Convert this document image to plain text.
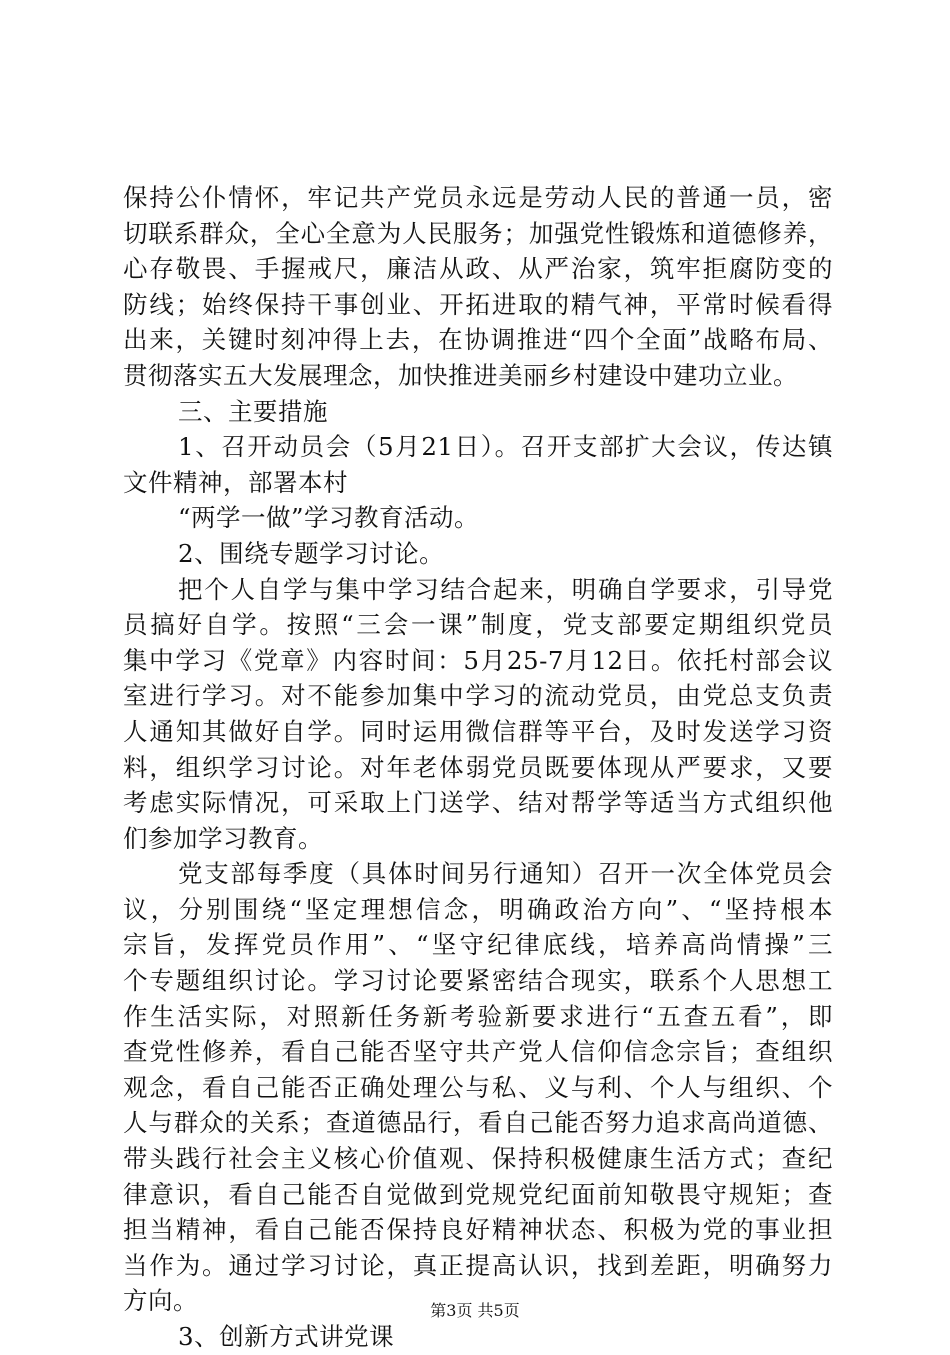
保持公仆情怀，牢记共产党员永远是劳动人民的普通一员，密
切联系群众，全心全意为人民服务；加强党性锻炼和道德修养，
心存敬畏、手握戒尺，廉洁从政、从严治家，筑牢拒腐防变的
防线；始终保持干事创业、开拓进取的精气神，平常时候看得
出来，关键时刻冲得上去，在协调推进“四个全面”战略布局、
贯彻落实五大发展理念，加快推进美丽乡村建设中建功立业。
三、主要措施
1、召开动员会（5月21日）。召开支部扩大会议，传达镇
文件精神，部署本村
“两学一做”学习教育活动。
2、围绕专题学习讨论。
把个人自学与集中学习结合起来，明确自学要求，引导党
员搞好自学。按照“三会一课”制度，党支部要定期组织党员
集中学习《党章》内容时间：5月25-7月12日。依托村部会议
室进行学习。对不能参加集中学习的流动党员，由党总支负责
人通知其做好自学。同时运用微信群等平台，及时发送学习资
料，组织学习讨论。对年老体弱党员既要体现从严要求，又要
考虑实际情况，可采取上门送学、结对帮学等适当方式组织他
们参加学习教育。
党支部每季度（具体时间另行通知）召开一次全体党员会
议，分别围绕“坚定理想信念，明确政治方向”、“坚持根本
宗旨，发挥党员作用”、“坚守纪律底线，培养高尚情操”三
个专题组织讨论。学习讨论要紧密结合现实，联系个人思想工
作生活实际，对照新任务新考验新要求进行“五查五看”，即
查党性修养，看自己能否坚守共产党人信仰信念宗旨；查组织
观念，看自己能否正确处理公与私、义与利、个人与组织、个
人与群众的关系；查道德品行，看自己能否努力追求高尚道德、
带头践行社会主义核心价值观、保持积极健康生活方式；查纪
律意识，看自己能否自觉做到党规党纪面前知敬畏守规矩；查
担当精神，看自己能否保持良好精神状态、积极为党的事业担
当作为。通过学习讨论，真正提高认识，找到差距，明确努力
方向。
3、创新方式讲党课
第3页 共5页
